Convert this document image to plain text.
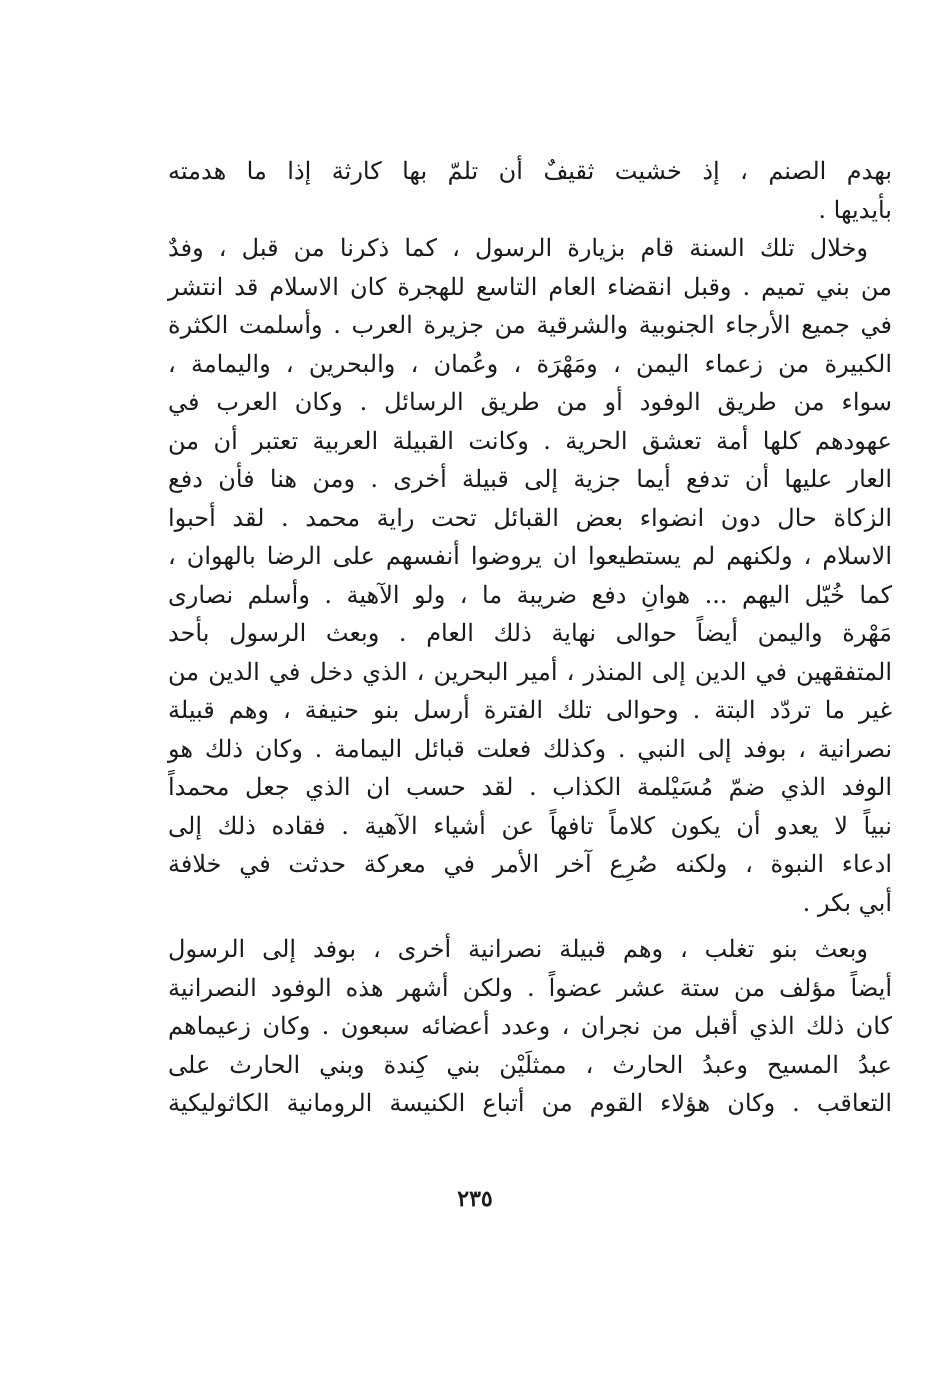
بهدم الصنم ، إذ خشيت ثقيفٌ أن تلمّ بها كارثة إذا ما هدمته
بأيديها .
وخلال تلك السنة قام بزيارة الرسول ، كما ذكرنا من قبل ، وفدٌ
من بني تميم . وقبل انقضاء العام التاسع للهجرة كان الاسلام قد انتشر
في جميع الأرجاء الجنوبية والشرقية من جزيرة العرب . وأسلمت الكثرة
الكبيرة من زعماء اليمن ، ومَهْرَة ، وعُمان ، والبحرين ، واليمامة ،
سواء من طريق الوفود أو من طريق الرسائل . وكان العرب في
عهودهم كلها أمة تعشق الحرية . وكانت القبيلة العربية تعتبر أن من
العار عليها أن تدفع أيما جزية إلى قبيلة أخرى . ومن هنا فأن دفع
الزكاة حال دون انضواء بعض القبائل تحت راية محمد . لقد أحبوا
الاسلام ، ولكنهم لم يستطيعوا ان يروضوا أنفسهم على الرضا بالهوان ،
كما خُيّل اليهم ... هوانِ دفع ضريبة ما ، ولو الآهية . وأسلم نصارى
مَهْرة واليمن أيضاً حوالى نهاية ذلك العام . وبعث الرسول بأحد
المتفقهين في الدين إلى المنذر ، أمير البحرين ، الذي دخل في الدين من
غير ما تردّد البتة . وحوالى تلك الفترة أرسل بنو حنيفة ، وهم قبيلة
نصرانية ، بوفد إلى النبي . وكذلك فعلت قبائل اليمامة . وكان ذلك هو
الوفد الذي ضمّ مُسَيْلمة الكذاب . لقد حسب ان الذي جعل محمداً
نبياً لا يعدو أن يكون كلاماً تافهاً عن أشياء الآهية . فقاده ذلك إلى
ادعاء النبوة ، ولكنه صُرِع آخر الأمر في معركة حدثت في خلافة
أبي بكر .
وبعث بنو تغلب ، وهم قبيلة نصرانية أخرى ، بوفد إلى الرسول
أيضاً مؤلف من ستة عشر عضواً . ولكن أشهر هذه الوفود النصرانية
كان ذلك الذي أقبل من نجران ، وعدد أعضائه سبعون . وكان زعيماهم
عبدُ المسيح وعبدُ الحارث ، ممثلَيْن بني كِندة وبني الحارث على
التعاقب . وكان هؤلاء القوم من أتباع الكنيسة الرومانية الكاثوليكية
٢٣٥
